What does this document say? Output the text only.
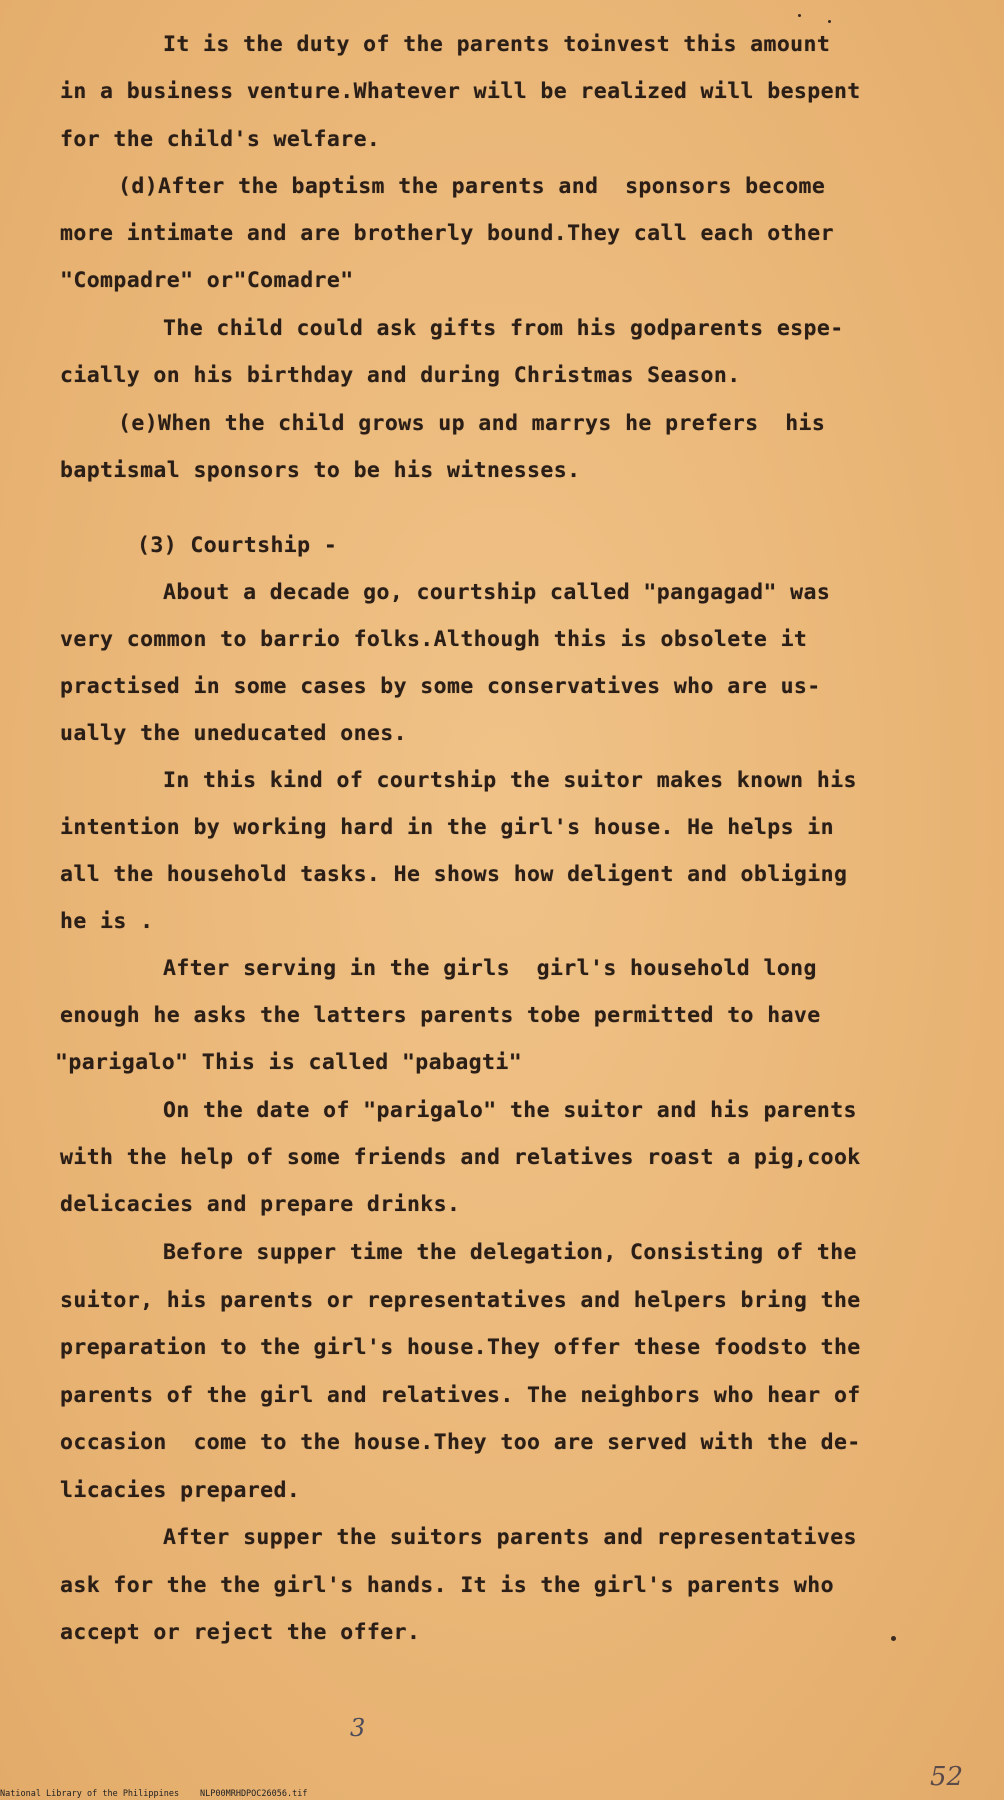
It is the duty of the parents toinvest this amount
in a business venture.Whatever will be realized will bespent
for the child's welfare.
(d)After the baptism the parents and  sponsors become
more intimate and are brotherly bound.They call each other
"Compadre" or"Comadre"
The child could ask gifts from his godparents espe-
cially on his birthday and during Christmas Season.
(e)When the child grows up and marrys he prefers  his
baptismal sponsors to be his witnesses.
(3) Courtship -
About a decade go, courtship called "pangagad" was
very common to barrio folks.Although this is obsolete it
practised in some cases by some conservatives who are us-
ually the uneducated ones.
In this kind of courtship the suitor makes known his
intention by working hard in the girl's house. He helps in
all the household tasks. He shows how deligent and obliging
he is .
After serving in the girls  girl's household long
enough he asks the latters parents tobe permitted to have
"parigalo" This is called "pabagti"
On the date of "parigalo" the suitor and his parents
with the help of some friends and relatives roast a pig,cook
delicacies and prepare drinks.
Before supper time the delegation, Consisting of the
suitor, his parents or representatives and helpers bring the
preparation to the girl's house.They offer these foodsto the
parents of the girl and relatives. The neighbors who hear of
occasion  come to the house.They too are served with the de-
licacies prepared.
After supper the suitors parents and representatives
ask for the the girl's hands. It is the girl's parents who
accept or reject the offer.
3
52
National Library of the Philippines NLP00MRHDPOC26056.tif
